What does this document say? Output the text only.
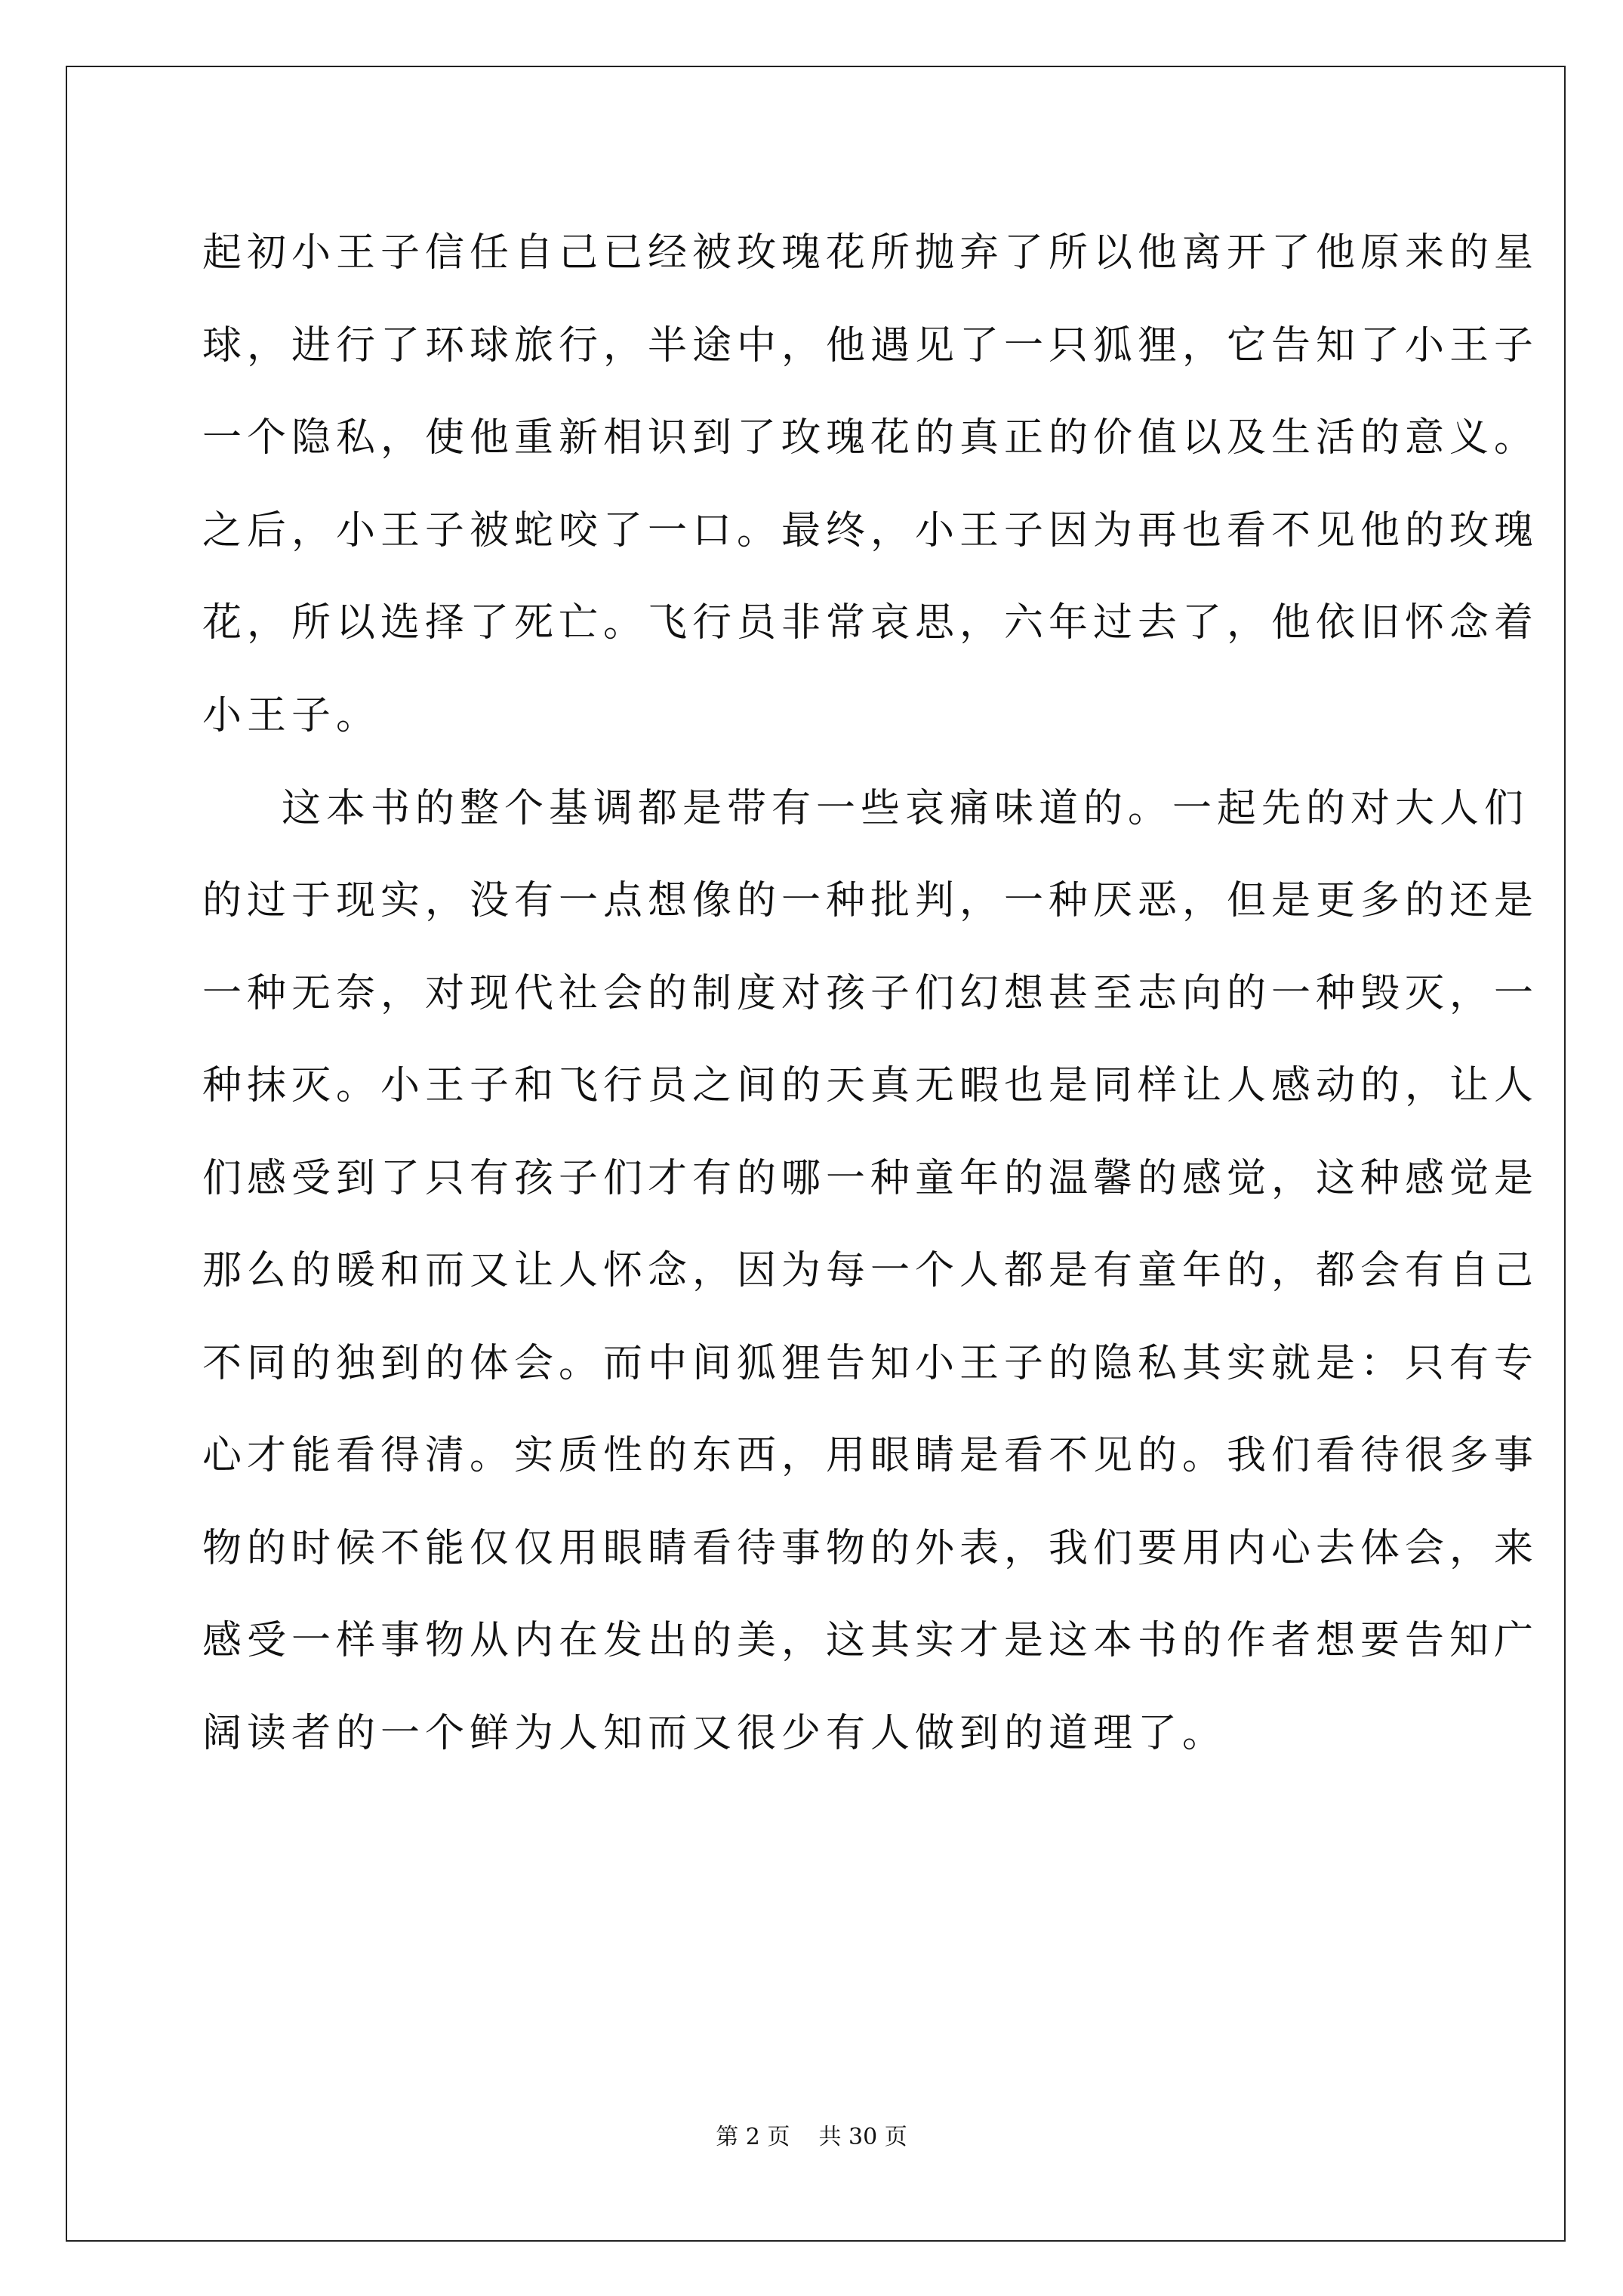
起初小王子信任自己已经被玫瑰花所抛弃了所以他离开了他原来的星
球，进行了环球旅行，半途中，他遇见了一只狐狸，它告知了小王子
一个隐私，使他重新相识到了玫瑰花的真正的价值以及生活的意义。
之后，小王子被蛇咬了一口。最终，小王子因为再也看不见他的玫瑰
花，所以选择了死亡。飞行员非常哀思，六年过去了，他依旧怀念着
小王子。
这本书的整个基调都是带有一些哀痛味道的。一起先的对大人们
的过于现实，没有一点想像的一种批判，一种厌恶，但是更多的还是
一种无奈，对现代社会的制度对孩子们幻想甚至志向的一种毁灭，一
种抹灭。小王子和飞行员之间的天真无暇也是同样让人感动的，让人
们感受到了只有孩子们才有的哪一种童年的温馨的感觉，这种感觉是
那么的暖和而又让人怀念，因为每一个人都是有童年的，都会有自己
不同的独到的体会。而中间狐狸告知小王子的隐私其实就是：只有专
心才能看得清。实质性的东西，用眼睛是看不见的。我们看待很多事
物的时候不能仅仅用眼睛看待事物的外表，我们要用内心去体会，来
感受一样事物从内在发出的美，这其实才是这本书的作者想要告知广
阔读者的一个鲜为人知而又很少有人做到的道理了。
第 2 页    共 30 页
